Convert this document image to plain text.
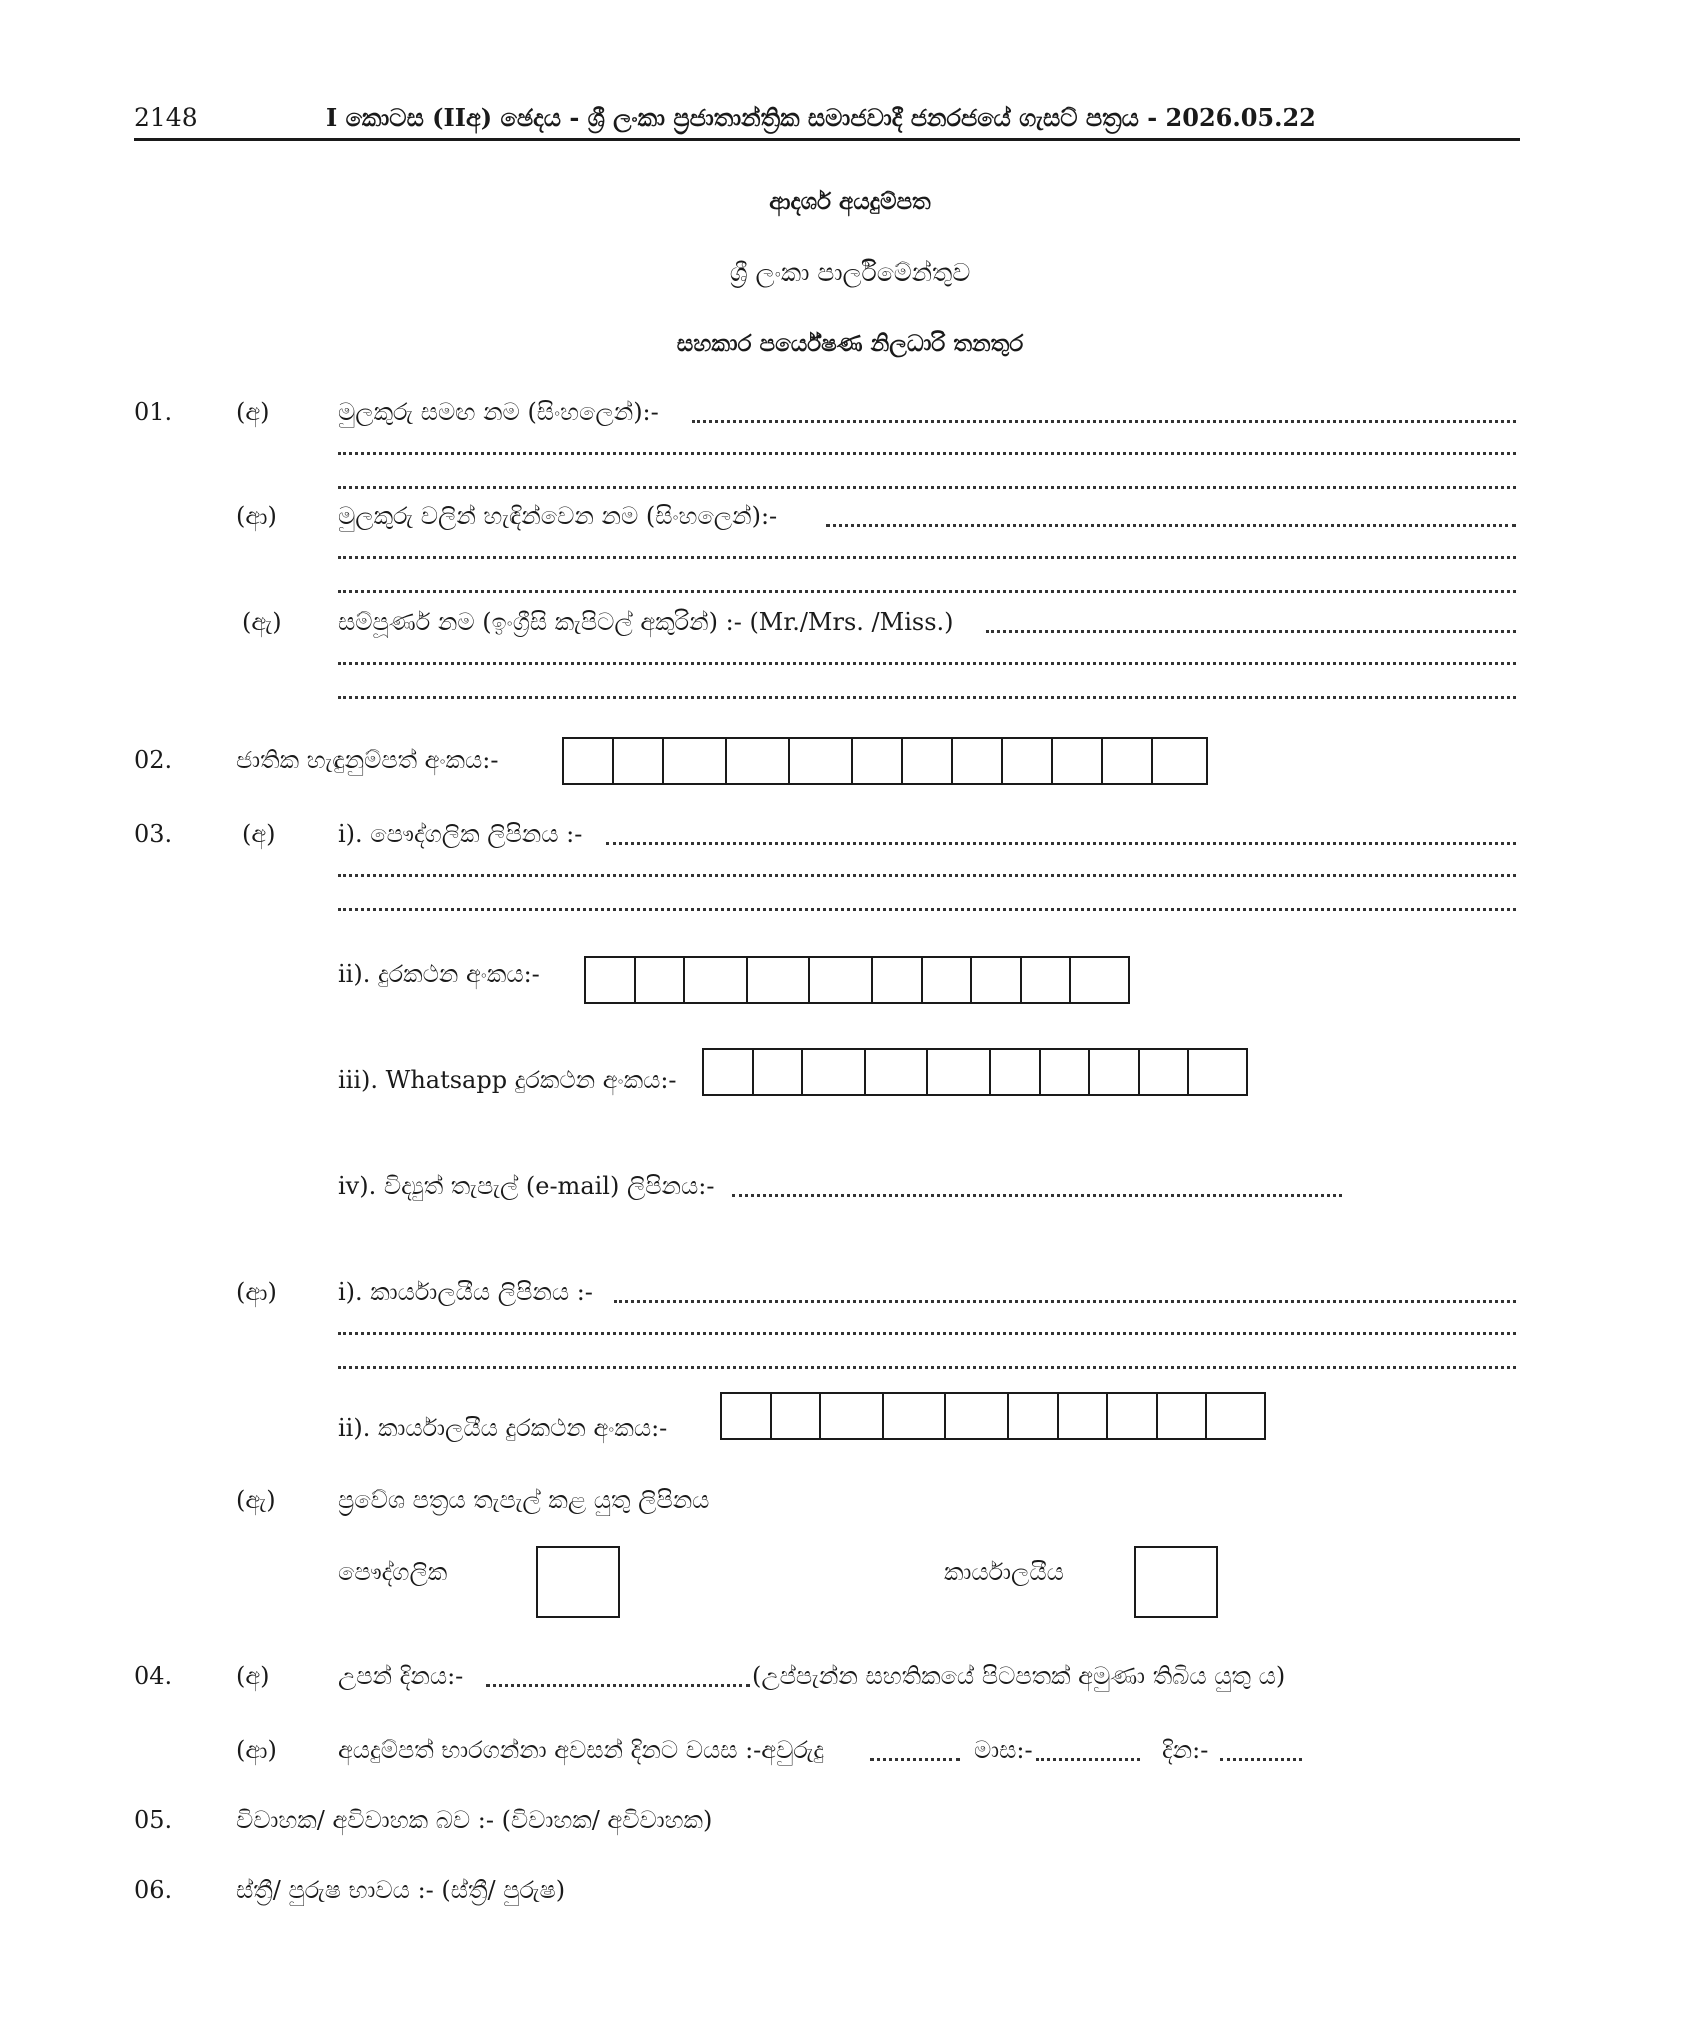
2148	I කොටස (IIඅ) ඡෙදය - ශ්‍රී ලංකා ප්‍රජාතාන්ත්‍රික සමාජවාදී ජනරජයේ ගැසට් පත්‍රය - 2026.05.22
ආදර්ශ අයදුම්පත
ශ්‍රී ලංකා පාර්ලිමේන්තුව
සහකාර පර්යේෂණ නිලධාරි තනතුර
01.	(අ)	මුලකුරු සමඟ නම (සිංහලෙන්):-
(ආ)	මුලකුරු වලින් හැඳින්වෙන නම (සිංහලෙන්):-
(ඇ) සම්පූර්ණ නම (ඉංග්‍රීසි කැපිටල් අකුරින්) :- (Mr./Mrs. /Miss.)
02.	ජාතික හැඳුනුම්පත් අංකය:-
03.	(අ)	i). පෞද්ගලික ලිපිනය :-
ii). දුරකථන අංකය:-
iii). Whatsapp දුරකථන අංකය:-
iv). විද්‍යුත් තැපැල් (e-mail) ලිපිනය:-
(ආ)	i). කාර්යාලයීය ලිපිනය :-
ii). කාර්යාලයීය දුරකථන අංකය:-
(ඇ)	ප්‍රවේශ පත්‍රය තැපැල් කළ යුතු ලිපිනය
පෞද්ගලික	කාර්යාලයීය
04.	(අ)	උපන් දිනය:-	(උප්පැන්න සහතිකයේ පිටපතක් අමුණා තිබිය යුතු ය)
(ආ)	අයදුම්පත් භාරගන්නා අවසන් දිනට වයස :-අවුරුදු	මාස:-	දින:-
05.	විවාහක/ අවිවාහක බව :- (විවාහක/ අවිවාහක)
06.	ස්ත්‍රී/ පුරුෂ භාවය :- (ස්ත්‍රී/ පුරුෂ)
